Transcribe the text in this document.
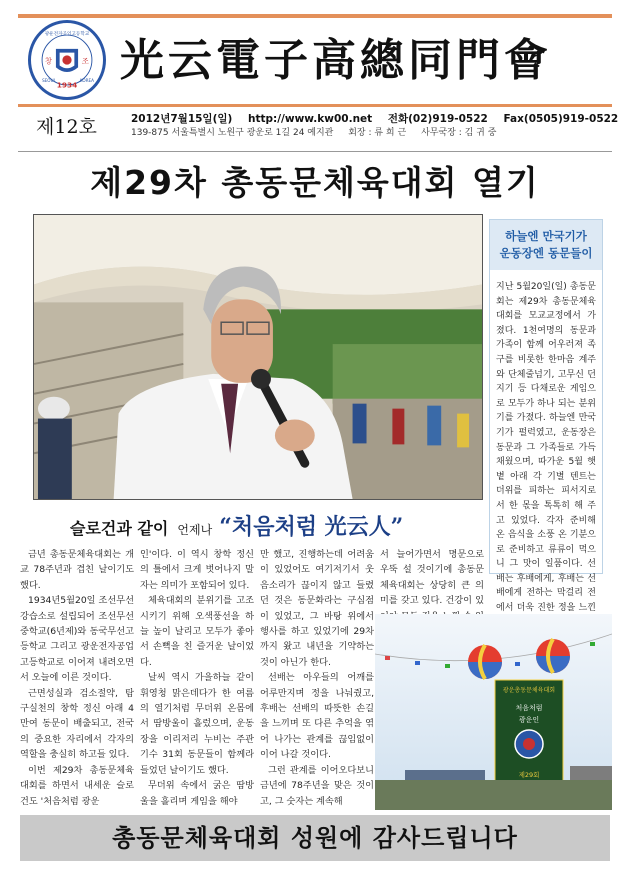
창	조
광운전자공업고등학교
1934
SEOUL	KOREA 光云電子高總同門會
제12호	2012년7월15일(일) http://www.kw00.net 전화(02)919-0522 Fax(0505)919-0522
139-875 서울특별시 노원구 광운로 1길 24 예지관 회장 : 류 희 근 사무국장 : 김 귀 중
제29차 총동문체육대회 열기
하늘엔 만국기가
운동장엔 동문들이
지난 5월20일(일) 총동문회는 제29차 총동문체육대회를 모교교정에서 가졌다. 1천여명의 동문과 가족이 함께 어우러져 족구를 비롯한 한마음 계주와 단체줄넘기, 고무신 던지기 등 다채로운 게임으로 모두가 하나 되는 분위기를 가졌다. 하늘엔 만국기가 펄럭였고, 운동장은 동문과 그 가족들로 가득 채웠으며, 따가운 5월 햇볕 아래 각 기별 텐트는 더위를 피하는 피서지로서 한 몫을 톡톡히 해 주고 있었다. 각자 준비해 온 음식을 소풍 온 기분으로 준비하고 류류이 먹으니 그 맛이 일품이다. 선배는 후배에게, 후배는 선배에게 전하는 막걸리 전에서 더욱 진한 정을 느낀
슬로건과 같이 언제나 “처음처럼 光云人”

금년 총동문체육대회는 개교 78주년과 겹친 날이기도 했다.

1934년5월20일 조선무선강습소로 설립되어 조선무선중학교(6년제)와 동국무선고등학교 그리고 광운전자공업고등학교로 이어져 내려오면서 오늘에 이른 것이다.

근면성실과 검소절약, 탐구실천의 창학 정신 아래 4만여 동문이 배출되고, 전국의 중요한 자리에서 각자의 역할을 충실히 하고들 있다.

이번 제29차 총동문체육대회를 하면서 내세운 슬로건도 '처음처럼 광운

인'이다. 이 역시 창학 정신의 틀에서 크게 벗어나지 말자는 의미가 포함되어 있다.

체육대회의 분위기를 고조시키기 위해 오색풍선을 하늘 높이 날리고 모두가 좋아서 손뼉을 친 즐거운 날이었다.

날씨 역시 가을하늘 같이 휘영청 맑은데다가 한 여름의 열기처럼 무더위 온몸에서 땀방울이 흘렀으며, 운동장을 이리저리 누비는 주관기수 31회 동문들이 함께라 들었던 날이기도 했다.

무더위 속에서 굵은 땀방울을 흘리며 게임을 해야

만 했고, 진행하는데 어려움이 있었어도 여기저기서 웃음소리가 끊이지 않고 들렸던 것은 동문화라는 구심점이 있었고, 그 바탕 위에서 행사를 하고 있었기에 29차까지 왔고 내년을 기약하는 것이 아닌가 한다.

선배는 아우들의 어깨를 어루만지며 정을 나눠줬고, 후배는 선배의 따뜻한 손길을 느끼며 또 다른 추억을 엮어 나가는 관계를 끊임없이 이어 나갈 것이다.

그런 관계를 이어오다보니 금년에 78주년을 맞은 것이고, 그 숫자는 계속해

서 늘어가면서 명문으로 우뚝 설 것이기에 총동문체육대회는 상당히 큰 의미를 갖고 있다. 건강이 있

광운총동문체육대회
처음처럼
광운인
제29회
총동문체육대회 성원에 감사드립니다
